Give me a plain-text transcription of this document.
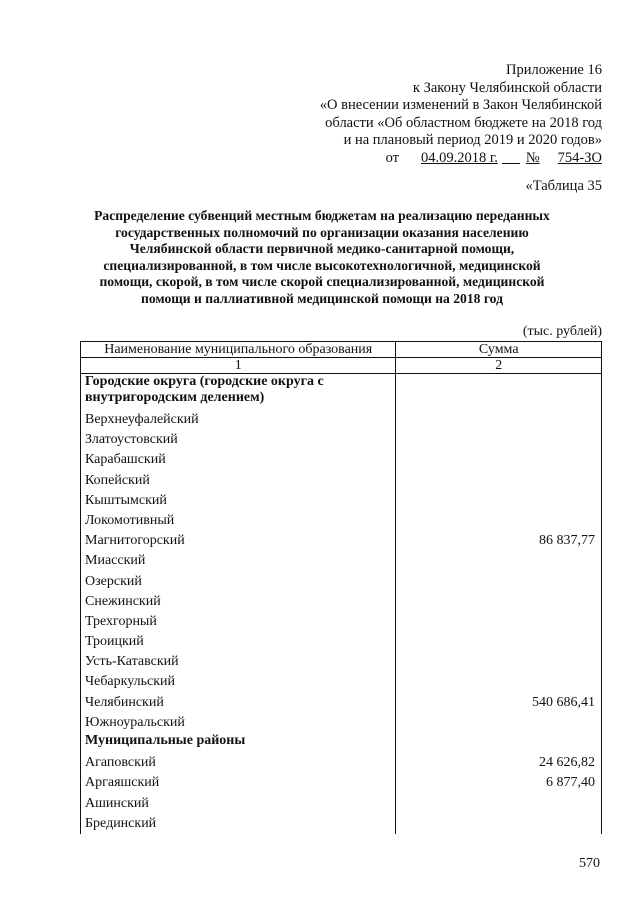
Приложение 16
к Закону Челябинской области
«О внесении изменений в Закон Челябинской
области «Об областном бюджете на 2018 год
и на плановый период 2019 и 2020 годов»
от 04.09.2018 г. № 754-ЗО
«Таблица 35
Распределение субвенций местным бюджетам на реализацию переданных государственных полномочий по организации оказания населению Челябинской области первичной медико-санитарной помощи, специализированной, в том числе высокотехнологичной, медицинской помощи, скорой, в том числе скорой специализированной, медицинской помощи и паллиативной медицинской помощи на 2018 год
(тыс. рублей)
Наименование муниципального образования	Сумма
1	2
Городские округа (городские округа с внутригородским делением)	
Верхнеуфалейский	
Златоустовский	
Карабашский	
Копейский	
Кыштымский	
Локомотивный	
Магнитогорский	86 837,77
Миасский	
Озерский	
Снежинский	
Трехгорный	
Троицкий	
Усть-Катавский	
Чебаркульский	
Челябинский	540 686,41
Южноуральский	
Муниципальные районы	
Агаповский	24 626,82
Аргаяшский	6 877,40
Ашинский	
Брединский	
570
